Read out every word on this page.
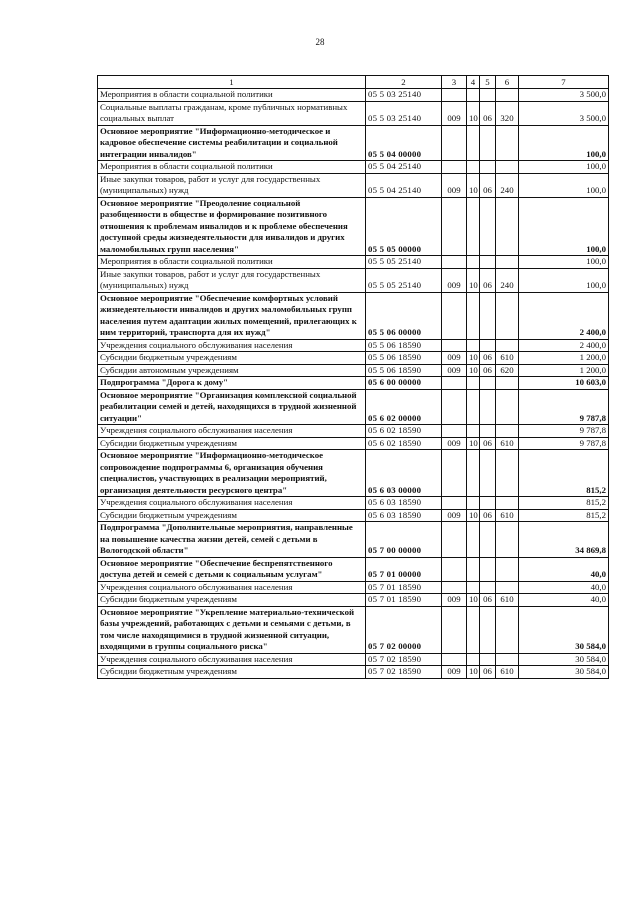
28
1	2	3	4	5	6	7
Мероприятия в области социальной политики	05 5 03 25140					3 500,0
Социальные выплаты гражданам, кроме публичных нормативных социальных выплат	05 5 03 25140	009	10	06	320	3 500,0
Основное мероприятие "Информационно-методическое и кадровое обеспечение системы реабилитации и социальной интеграции инвалидов"	05 5 04 00000					100,0
Мероприятия в области социальной политики	05 5 04 25140					100,0
Иные закупки товаров, работ и услуг для государственных (муниципальных) нужд	05 5 04 25140	009	10	06	240	100,0
Основное мероприятие "Преодоление социальной разобщенности в обществе и формирование позитивного отношения к проблемам инвалидов и к проблеме обеспечения доступной среды жизнедеятельности для инвалидов и других маломобильных групп населения"	05 5 05 00000					100,0
Мероприятия в области социальной политики	05 5 05 25140					100,0
Иные закупки товаров, работ и услуг для государственных (муниципальных) нужд	05 5 05 25140	009	10	06	240	100,0
Основное мероприятие "Обеспечение комфортных условий жизнедеятельности инвалидов и других маломобильных групп населения путем адаптации жилых помещений, прилегающих к ним территорий, транспорта для их нужд"	05 5 06 00000					2 400,0
Учреждения социального обслуживания населения	05 5 06 18590					2 400,0
Субсидии бюджетным учреждениям	05 5 06 18590	009	10	06	610	1 200,0
Субсидии автономным учреждениям	05 5 06 18590	009	10	06	620	1 200,0
Подпрограмма "Дорога к дому"	05 6 00 00000					10 603,0
Основное мероприятие "Организация комплексной социальной реабилитации семей и детей, находящихся в трудной жизненной ситуации"	05 6 02 00000					9 787,8
Учреждения социального обслуживания населения	05 6 02 18590					9 787,8
Субсидии бюджетным учреждениям	05 6 02 18590	009	10	06	610	9 787,8
Основное мероприятие "Информационно-методическое сопровождение подпрограммы 6, организация обучения специалистов, участвующих в реализации мероприятий, организация деятельности ресурсного центра"	05 6 03 00000					815,2
Учреждения социального обслуживания населения	05 6 03 18590					815,2
Субсидии бюджетным учреждениям	05 6 03 18590	009	10	06	610	815,2
Подпрограмма "Дополнительные мероприятия, направленные на повышение качества жизни детей, семей с детьми в Вологодской области"	05 7 00 00000					34 869,8
Основное мероприятие "Обеспечение беспрепятственного доступа детей и семей с детьми к социальным услугам"	05 7 01 00000					40,0
Учреждения социального обслуживания населения	05 7 01 18590					40,0
Субсидии бюджетным учреждениям	05 7 01 18590	009	10	06	610	40,0
Основное мероприятие "Укрепление материально-технической базы учреждений, работающих с детьми и семьями с детьми, в том числе находящимися в трудной жизненной ситуации, входящими в группы социального риска"	05 7 02 00000					30 584,0
Учреждения социального обслуживания населения	05 7 02 18590					30 584,0
Субсидии бюджетным учреждениям	05 7 02 18590	009	10	06	610	30 584,0
